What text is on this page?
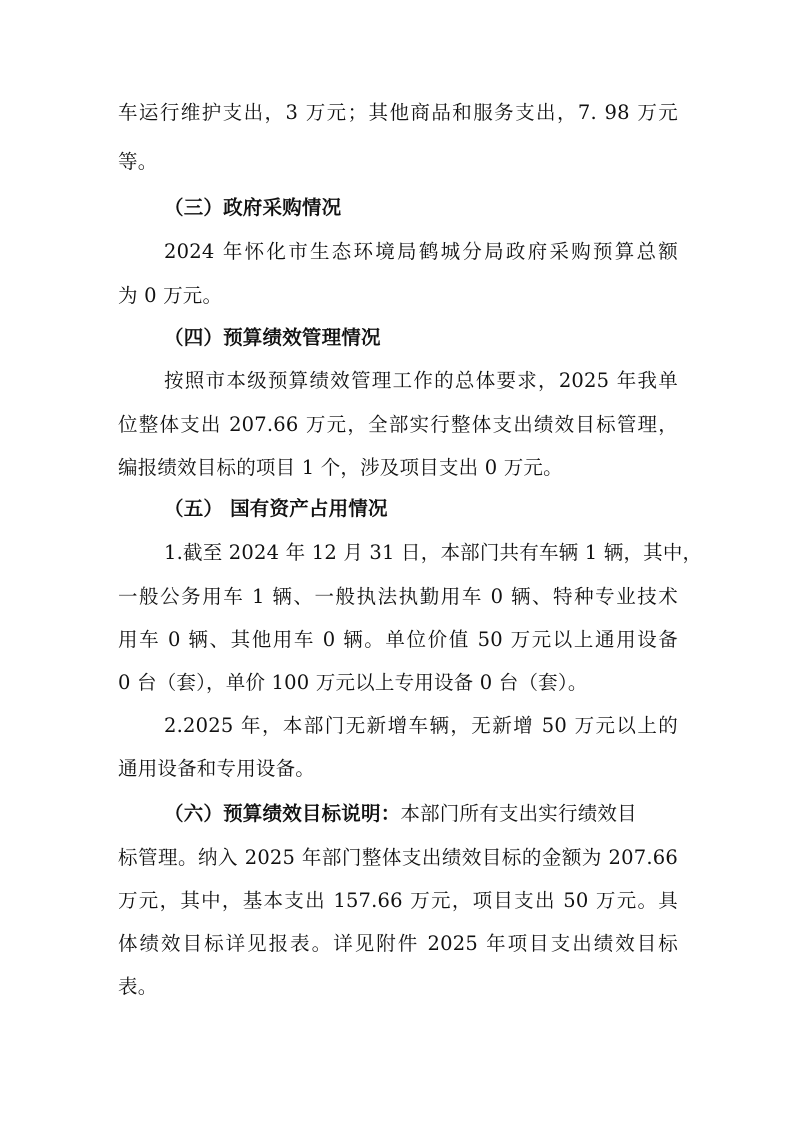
车运行维护支出，3 万元；其他商品和服务支出，7. 98 万元
等。
（三）政府采购情况
2024 年怀化市生态环境局鹤城分局政府采购预算总额
为 0 万元。
（四）预算绩效管理情况
按照市本级预算绩效管理工作的总体要求，2025 年我单
位整体支出 207.66 万元，全部实行整体支出绩效目标管理，
编报绩效目标的项目 1 个，涉及项目支出 0 万元。
（五） 国有资产占用情况
1.截至 2024 年 12 月 31 日，本部门共有车辆 1 辆，其中，
一般公务用车 1 辆、一般执法执勤用车 0 辆、特种专业技术
用车 0 辆、其他用车 0 辆。单位价值 50 万元以上通用设备
0 台（套），单价 100 万元以上专用设备 0 台（套）。
2.2025 年，本部门无新增车辆，无新增 50 万元以上的
通用设备和专用设备。
（六）预算绩效目标说明：本部门所有支出实行绩效目
标管理。纳入 2025 年部门整体支出绩效目标的金额为 207.66
万元，其中，基本支出 157.66 万元，项目支出 50 万元。具
体绩效目标详见报表。详见附件 2025 年项目支出绩效目标
表。
